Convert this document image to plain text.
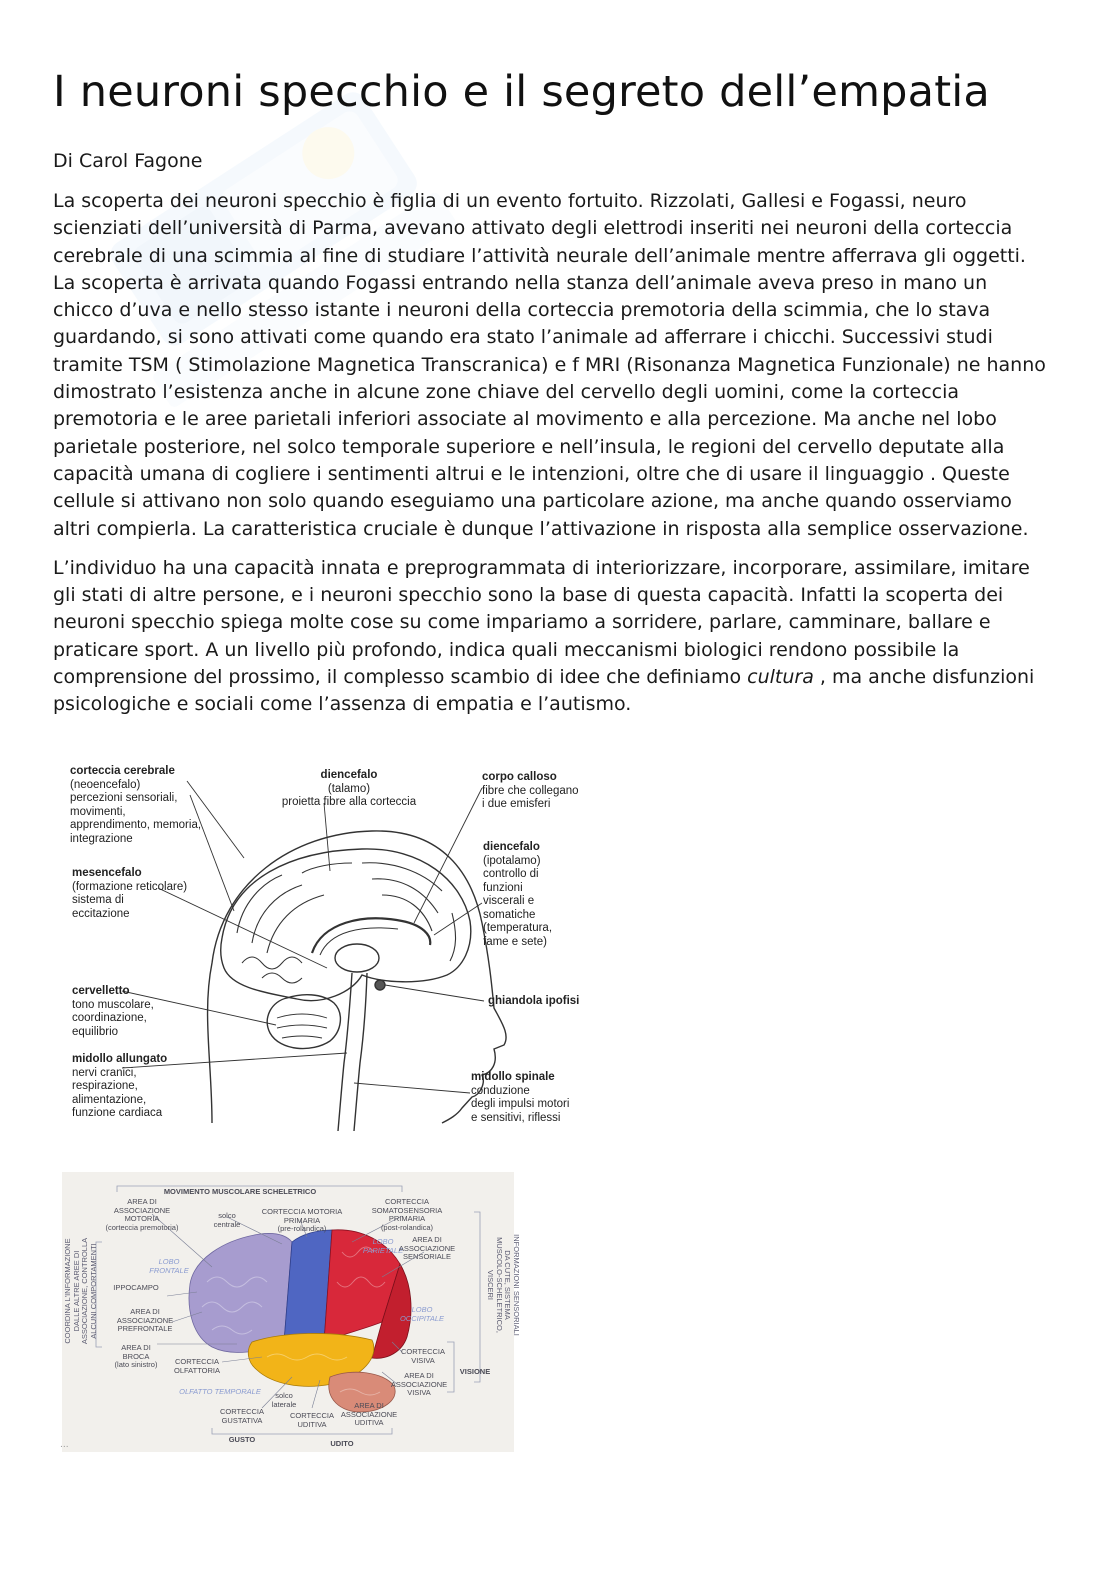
I neuroni specchio e il segreto dell’empatia
Di Carol Fagone

La scoperta dei neuroni specchio è figlia di un evento fortuito. Rizzolati, Gallesi e Fogassi, neuro scienziati dell’università di Parma, avevano attivato degli elettrodi inseriti nei neuroni della corteccia cerebrale di una scimmia al fine di studiare l’attività neurale dell’animale mentre afferrava gli oggetti. La scoperta è arrivata quando Fogassi entrando nella stanza dell’animale aveva preso in mano un chicco d’uva e nello stesso istante i neuroni della corteccia premotoria della scimmia, che lo stava guardando, si sono attivati come quando era stato l’animale ad afferrare i chicchi. Successivi studi tramite TSM ( Stimolazione Magnetica Transcranica) e f MRI (Risonanza Magnetica Funzionale) ne hanno dimostrato l’esistenza anche in alcune zone chiave del cervello degli uomini, come la corteccia premotoria e le aree parietali inferiori associate al movimento e alla percezione. Ma anche nel lobo parietale posteriore, nel solco temporale superiore e nell’insula, le regioni del cervello deputate alla capacità umana di cogliere i sentimenti altrui e le intenzioni, oltre che di usare il linguaggio . Queste cellule si attivano non solo quando eseguiamo una particolare azione, ma anche quando osserviamo altri compierla. La caratteristica cruciale è dunque l’attivazione in risposta alla semplice osservazione.

L’individuo ha una capacità innata e preprogrammata di interiorizzare, incorporare, assimilare, imitare gli stati di altre persone, e i neuroni specchio sono la base di questa capacità. Infatti la scoperta dei neuroni specchio spiega molte cose su come impariamo a sorridere, parlare, camminare, ballare e praticare sport. A un livello più profondo, indica quali meccanismi biologici rendono possibile la comprensione del prossimo, il complesso scambio di idee che definiamo cultura , ma anche disfunzioni psicologiche e sociali come l’assenza di empatia e l’autismo.

corteccia cerebrale
(neoencefalo)
percezioni sensoriali,
movimenti,
apprendimento, memoria,
integrazione
diencefalo
(talamo)
proietta fibre alla corteccia
corpo calloso
fibre che collegano
i due emisferi
mesencefalo
(formazione reticolare)
sistema di
eccitazione
diencefalo
(ipotalamo)
controllo di
funzioni
viscerali e
somatiche
(temperatura,
fame e sete)
cervelletto
tono muscolare,
coordinazione,
equilibrio
ghiandola ipofisi
midollo allungato
nervi cranici,
respirazione,
alimentazione,
funzione cardiaca
midollo spinale
conduzione
degli impulsi motori
e sensitivi, riflessi
MOVIMENTO MUSCOLARE SCHELETRICO
AREA DI
ASSOCIAZIONE
MOTORIA
(corteccia premotoria)
solco
centrale
CORTECCIA MOTORIA
PRIMARIA
(pre-rolandica)
CORTECCIA
SOMATOSENSORIA
PRIMARIA
(post-rolandica)
LOBO
PARIETALE
AREA DI
ASSOCIAZIONE
SENSORIALE
LOBO
FRONTALE
IPPOCAMPO
AREA DI
ASSOCIAZIONE
PREFRONTALE
LOBO
OCCIPITALE
AREA DI
BROCA
(lato sinistro)	CORTECCIA
OLFATTORIA
CORTECCIA
VISIVA
AREA DI
ASSOCIAZIONE
VISIVA
VISIONE
OLFATTO TEMPORALE	solco
laterale
CORTECCIA
GUSTATIVA	CORTECCIA
UDITIVA
AREA DI
ASSOCIAZIONE
UDITIVA
GUSTO	UDITO
COORDINA L'INFORMAZIONE
DALLE ALTRE AREE DI
ASSOCIAZIONE, CONTROLLA
ALCUNI COMPORTAMENTI	INFORMAZIONI SENSORIALI
DA CUTE, SISTEMA
MUSCOLO-SCHELETRICO,
VISCERI
...
